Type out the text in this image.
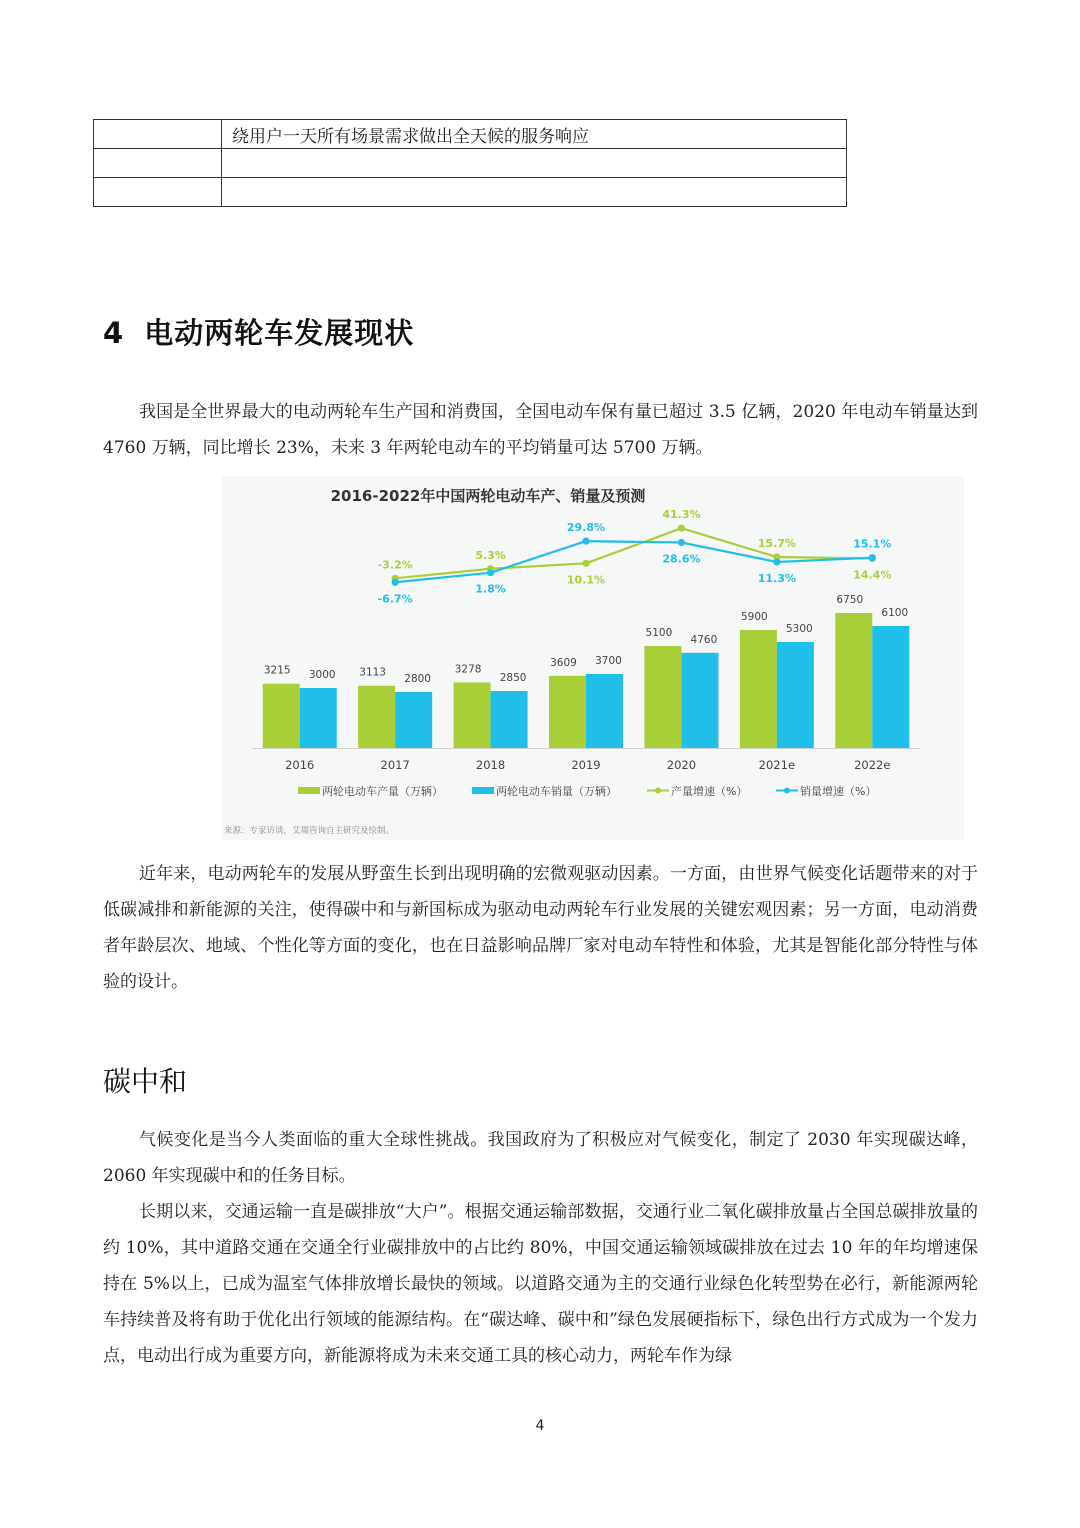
	绕用户一天所有场景需求做出全天候的服务响应

4 电动两轮车发展现状

我国是全世界最大的电动两轮车生产国和消费国，全国电动车保有量已超过 3.5 亿辆，2020 年电动车销量达到 4760 万辆，同比增长 23%，未来 3 年两轮电动车的平均销量可达 5700 万辆。

2016-2022年中国两轮电动车产、销量及预测
3215 3000
2016
3113
2800
2017
3278
2850
2018
3609 3700
2019
5100
4760
2020
5900
5300
2021e
6750
6100
2022e
-3.2%
5.3%
10.1%
41.3%
15.7%
14.4%
-6.7%
1.8%
29.8%
28.6%
11.3%
15.1%
两轮电动车产量（万辆）	两轮电动车销量（万辆）	产量增速（%）	销量增速（%）
来源：专家访谈，艾瑞咨询自主研究及绘制。

近年来，电动两轮车的发展从野蛮生长到出现明确的宏微观驱动因素。一方面，由世界气候变化话题带来的对于低碳减排和新能源的关注，使得碳中和与新国标成为驱动电动两轮车行业发展的关键宏观因素；另一方面，电动消费者年龄层次、地域、个性化等方面的变化，也在日益影响品牌厂家对电动车特性和体验，尤其是智能化部分特性与体验的设计。

碳中和

气候变化是当今人类面临的重大全球性挑战。我国政府为了积极应对气候变化，制定了 2030 年实现碳达峰，2060 年实现碳中和的任务目标。

长期以来，交通运输一直是碳排放“大户”。根据交通运输部数据，交通行业二氧化碳排放量占全国总碳排放量的约 10%，其中道路交通在交通全行业碳排放中的占比约 80%，中国交通运输领域碳排放在过去 10 年的年均增速保持在 5%以上，已成为温室气体排放增长最快的领域。以道路交通为主的交通行业绿色化转型势在必行，新能源两轮车持续普及将有助于优化出行领域的能源结构。在“碳达峰、碳中和”绿色发展硬指标下，绿色出行方式成为一个发力点，电动出行成为重要方向，新能源将成为未来交通工具的核心动力，两轮车作为绿

4
